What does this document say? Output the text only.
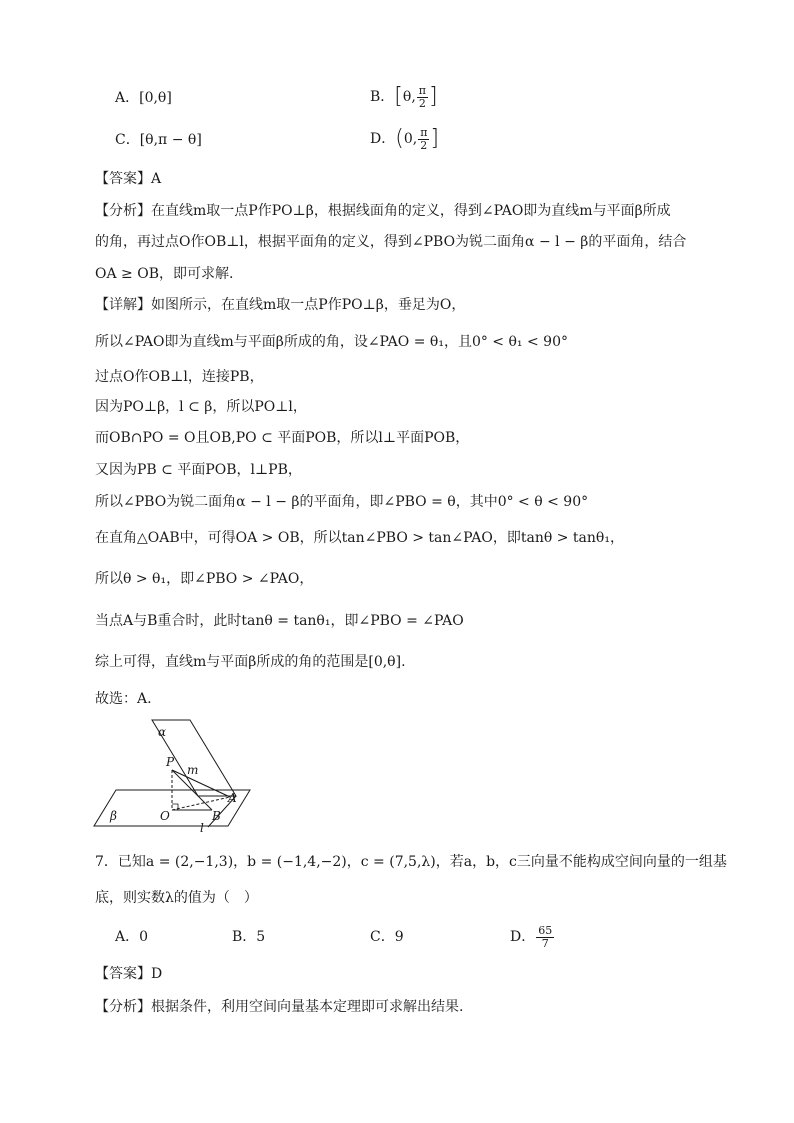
A．[0,θ]	B．[θ, $\frac{\pi}{2}$ ]
C．[θ,π − θ]	D．(0, $\frac{\pi}{2}$ ]
【答案】A
【分析】在直线m取一点P作PO⊥β，根据线面角的定义，得到∠PAO即为直线m与平面β所成
的角，再过点O作OB⊥l，根据平面角的定义，得到∠PBO为锐二面角α − l − β的平面角，结合
OA ≥ OB，即可求解.
【详解】如图所示，在直线m取一点P作PO⊥β，垂足为O，
所以∠PAO即为直线m与平面β所成的角，设∠PAO = θ₁，且0° < θ₁ < 90°
过点O作OB⊥l，连接PB，
因为PO⊥β，l ⊂ β，所以PO⊥l，
而OB∩PO = O且OB,PO ⊂ 平面POB，所以l⊥平面POB，
又因为PB ⊂ 平面POB，l⊥PB，
所以∠PBO为锐二面角α − l − β的平面角，即∠PBO = θ，其中0° < θ < 90°
在直角△OAB中，可得OA > OB，所以tan∠PBO > tan∠PAO，即tanθ > tanθ₁，
所以θ > θ₁，即∠PBO > ∠PAO，
当点A与B重合时，此时tanθ = tanθ₁，即∠PBO = ∠PAO
综上可得，直线m与平面β所成的角的范围是[0,θ].
故选：A.
α
β
P
m
A
O	B
l
7．已知a = (2,−1,3)，b = (−1,4,−2)，c = (7,5,λ)，若a，b，c三向量不能构成空间向量的一组基
底，则实数λ的值为（　）
A．0	B．5	C．9	D． $\frac{65}{7}$
【答案】D
【分析】根据条件，利用空间向量基本定理即可求解出结果.
